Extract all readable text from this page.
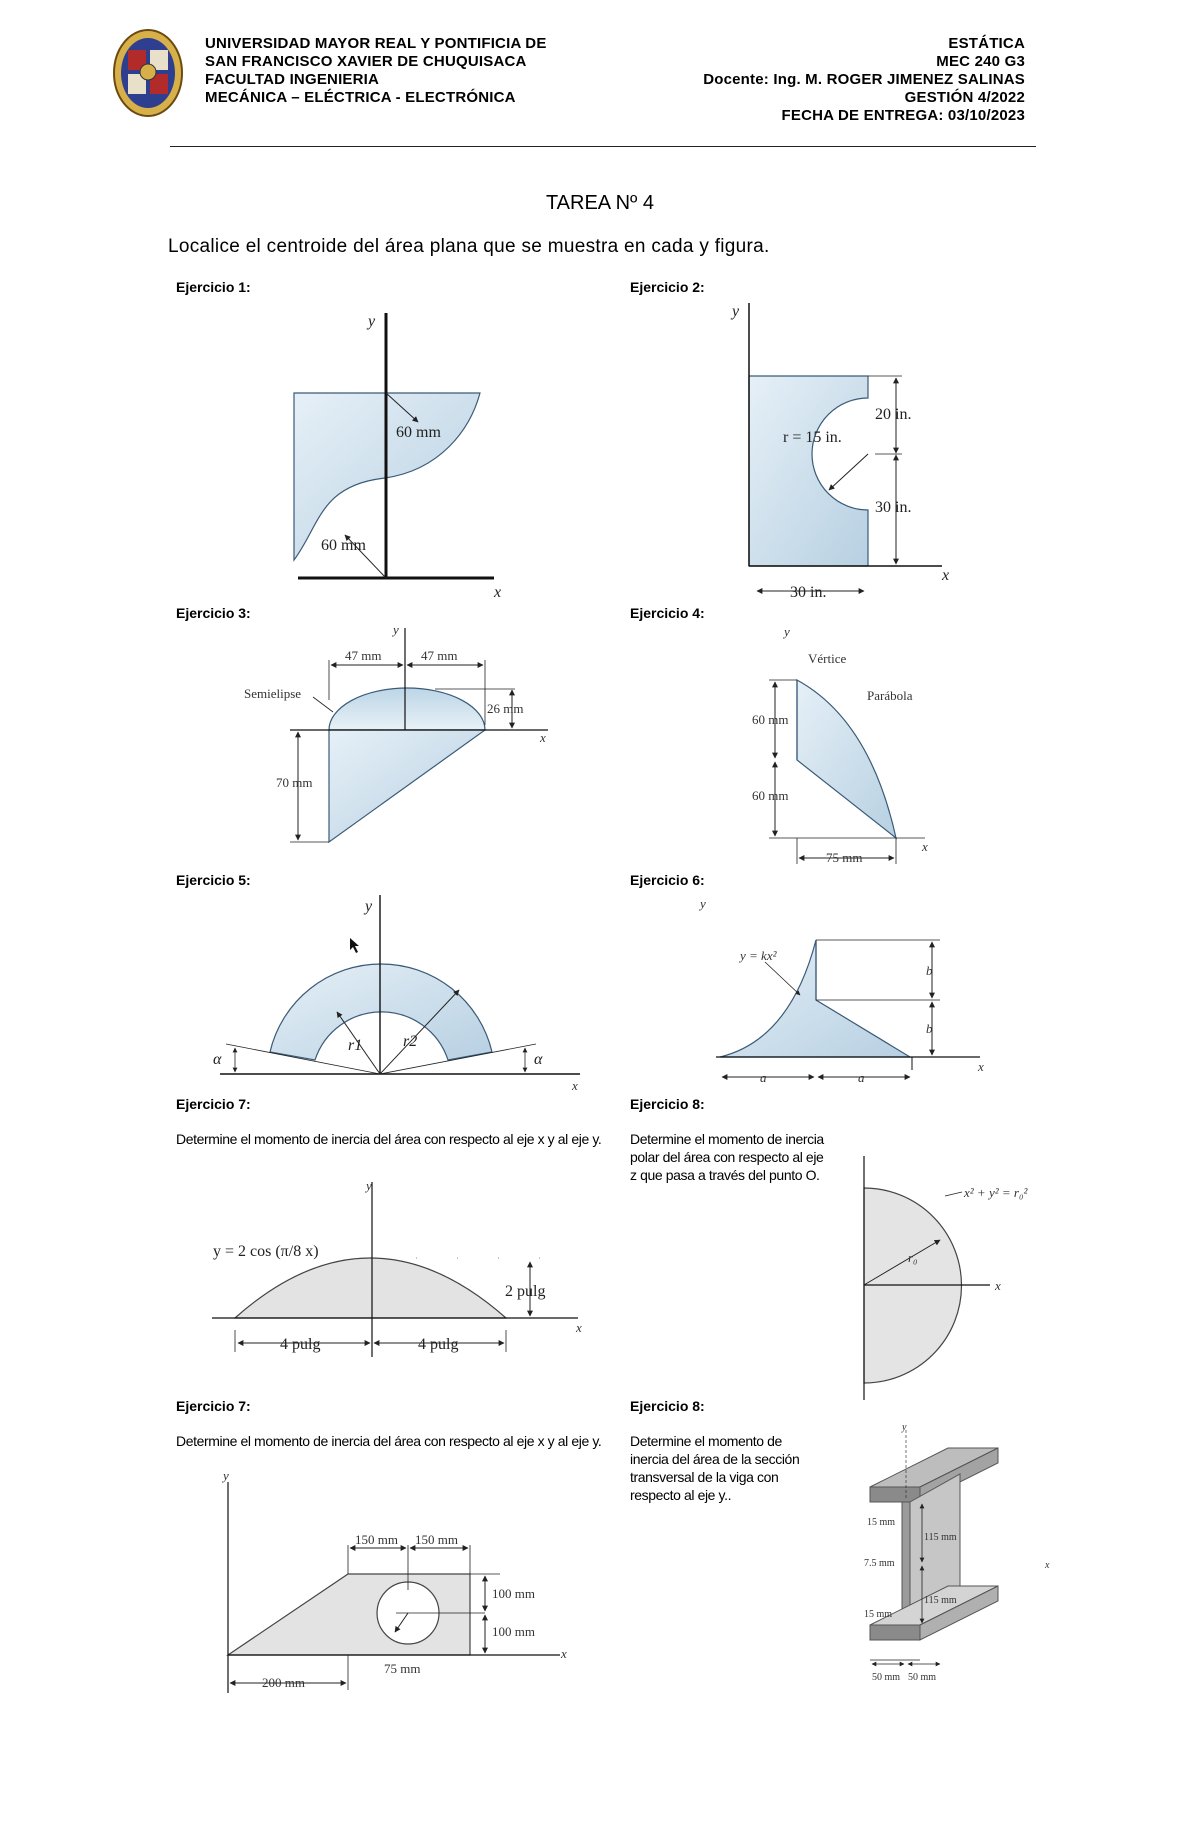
UNIVERSIDAD MAYOR REAL Y PONTIFICIA DE
SAN FRANCISCO XAVIER DE CHUQUISACA
FACULTAD INGENIERIA
MECÁNICA – ELÉCTRICA - ELECTRÓNICA
ESTÁTICA
MEC 240 G3
Docente: Ing. M. ROGER JIMENEZ SALINAS
GESTIÓN 4/2022
FECHA DE ENTREGA: 03/10/2023
TAREA Nº 4
Localice el centroide del área plana que se muestra en cada y figura.
Ejercicio 1:	Ejercicio 2:
Ejercicio 3:	Ejercicio 4:
Ejercicio 5:	Ejercicio 6:
Ejercicio 7:	Ejercicio 8:
Ejercicio 7:	Ejercicio 8:
Determine el momento de inercia del área con respecto al eje x y al eje y.	Determine el momento de inercia polar del área con respecto al eje z que pasa a través del punto O.
Determine el momento de inercia del área con respecto al eje x y al eje y.	Determine el momento de inercia del área de la sección transversal de la viga con respecto al eje y..
60 mm
60 mm
y
x
r = 15 in.
20 in.
30 in.
30 in.
y
x
47 mm	47 mm
26 mm
70 mm
Semielipse
y
x
Vértice
Parábola
60 mm
60 mm
75 mm
y
x
r1	r2
α	α
y
x
y = kx²
b
b
a	a
y
x
y = 2 cos (π/8 x)
2 pulg
4 pulg	4 pulg
y
x
x² + y² = r₀²
r₀
x
150 mm 150 mm
100 mm
100 mm
75 mm
200 mm
y
x
15 mm
7.5 mm
15 mm
115 mm
115 mm
50 mm 50 mm
y
x
